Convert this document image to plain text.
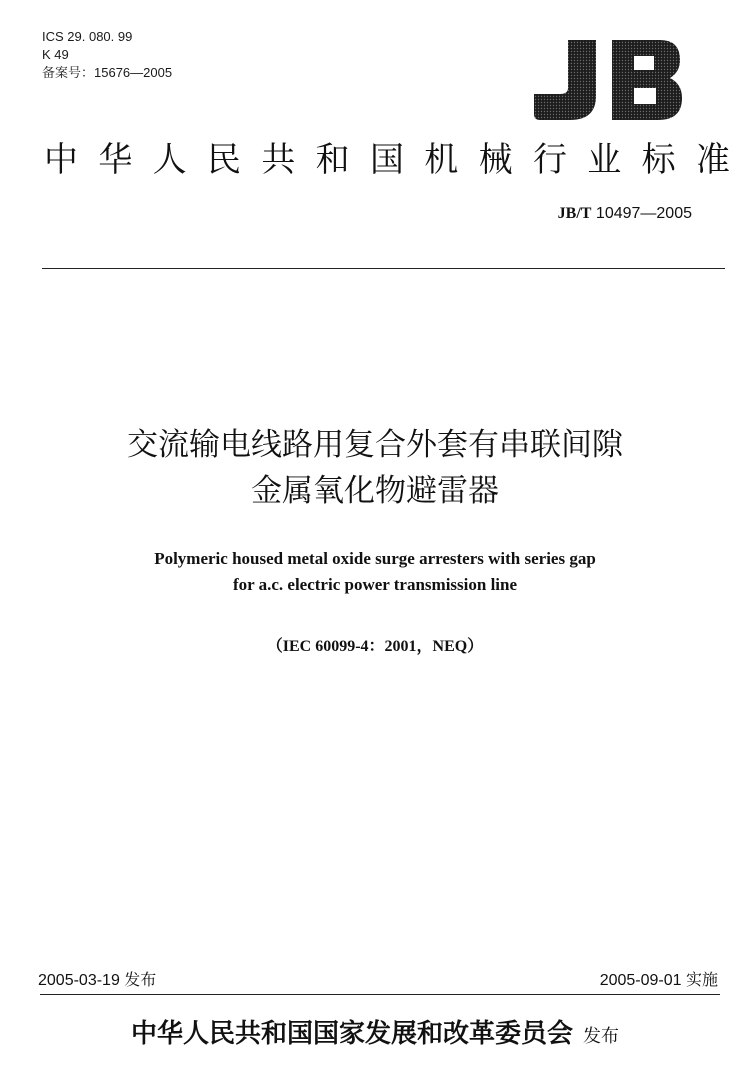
ICS 29. 080. 99
K 49
备案号：15676—2005
中 华 人 民 共 和 国 机 械 行 业 标 准
JB/T 10497—2005
交流输电线路用复合外套有串联间隙
金属氧化物避雷器
Polymeric housed metal oxide surge arresters with series gap
for a.c. electric power transmission line
（IEC 60099-4：2001，NEQ）
2005-03-19 发布	2005-09-01 实施
中华人民共和国国家发展和改革委员会 发布
